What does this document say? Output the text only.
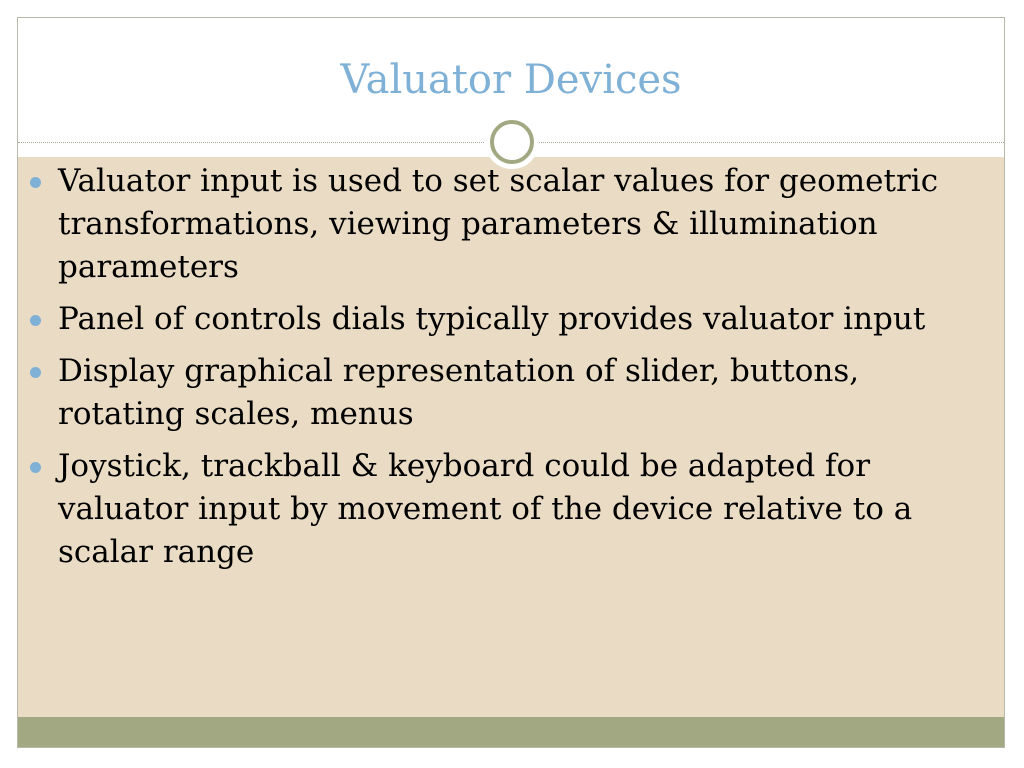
Valuator Devices
Valuator input is used to set scalar values for geometric transformations, viewing parameters & illumination parameters
Panel of controls dials typically provides valuator input
Display graphical representation of slider, buttons, rotating scales, menus
Joystick, trackball & keyboard could be adapted for valuator input by movement of the device relative to a scalar range
